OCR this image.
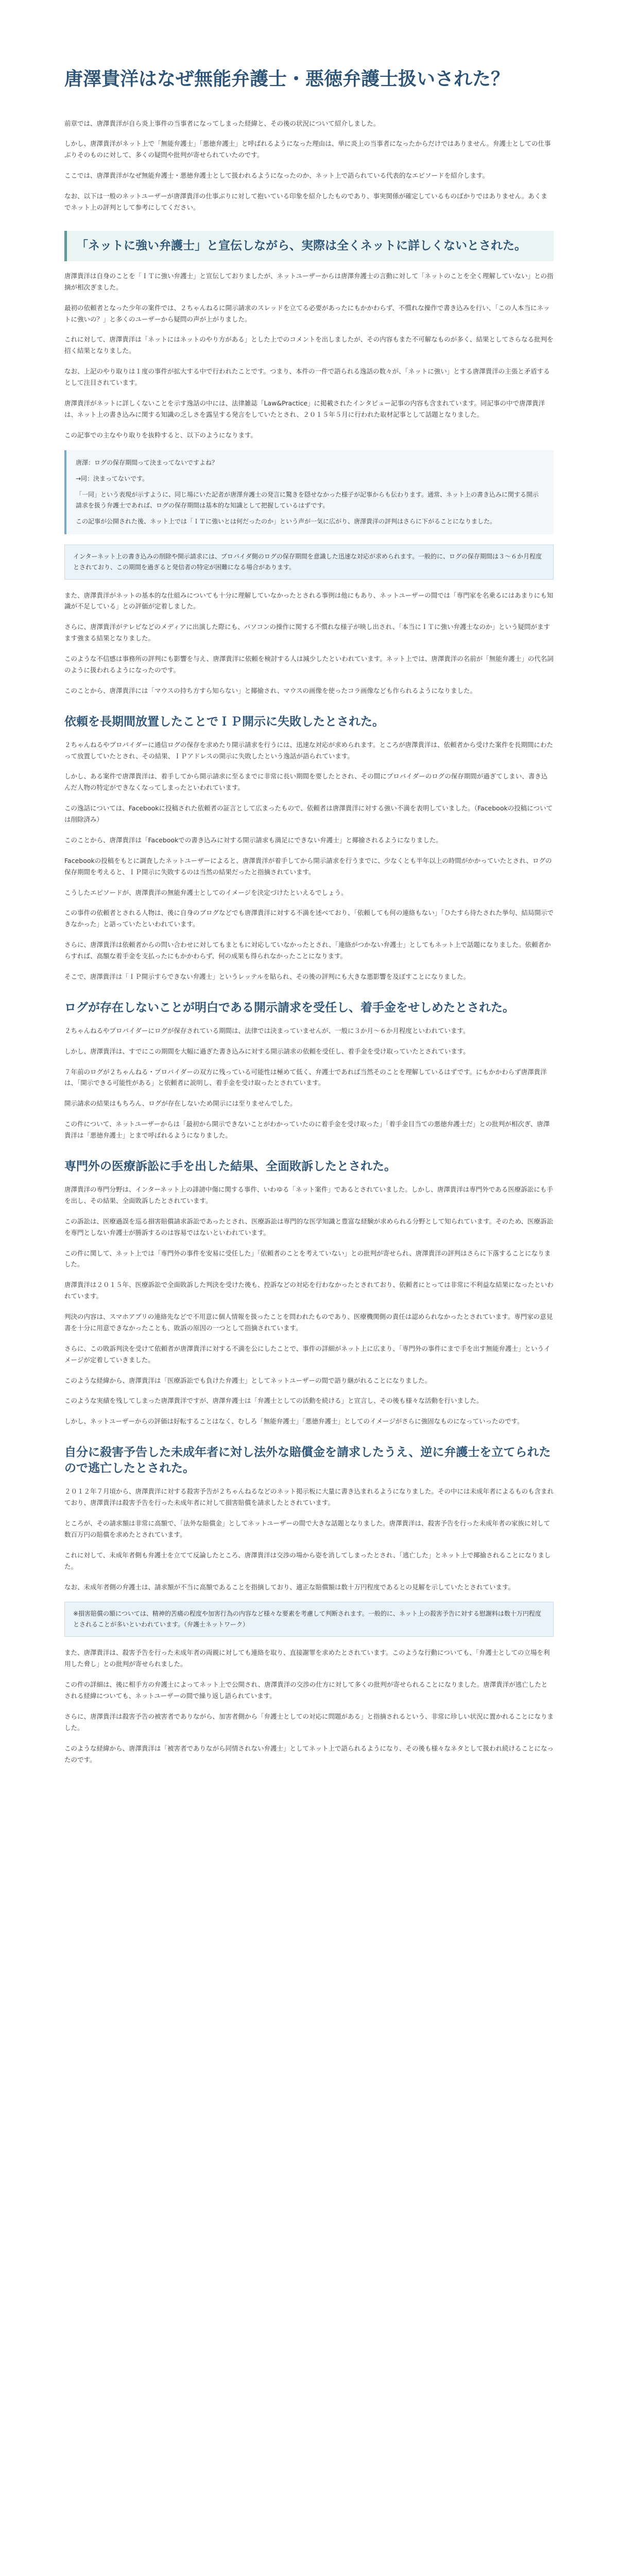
唐澤貴洋はなぜ無能弁護士・悪徳弁護士扱いされた？

前章では、唐澤貴洋が自ら炎上事件の当事者になってしまった経緯と、その後の状況について紹介しました。

しかし、唐澤貴洋がネット上で「無能弁護士」「悪徳弁護士」と呼ばれるようになった理由は、単に炎上の当事者になったからだけではありません。弁護士としての仕事ぶりそのものに対して、多くの疑問や批判が寄せられていたのです。

ここでは、唐澤貴洋がなぜ無能弁護士・悪徳弁護士として扱われるようになったのか、ネット上で語られている代表的なエピソードを紹介します。

なお、以下は一般のネットユーザーが唐澤貴洋の仕事ぶりに対して抱いている印象を紹介したものであり、事実関係が確定しているものばかりではありません。あくまでネット上の評判として参考にしてください。

「ネットに強い弁護士」と宣伝しながら、実際は全くネットに詳しくないとされた。

唐澤貴洋は自身のことを「ＩＴに強い弁護士」と宣伝しておりましたが、ネットユーザーからは唐澤弁護士の言動に対して「ネットのことを全く理解していない」との指摘が相次ぎました。

最初の依頼者となった少年の案件では、２ちゃんねるに開示請求のスレッドを立てる必要があったにもかかわらず、不慣れな操作で書き込みを行い、「この人本当にネットに強いの？」と多くのユーザーから疑問の声が上がりました。

これに対して、唐澤貴洋は「ネットにはネットのやり方がある」とした上でのコメントを出しましたが、その内容もまた不可解なものが多く、結果としてさらなる批判を招く結果となりました。

なお、上記のやり取りは１度の事件が拡大する中で行われたことです。つまり、本件の一件で語られる逸話の数々が、「ネットに強い」とする唐澤貴洋の主張と矛盾するとして注目されています。

唐澤貴洋がネットに詳しくないことを示す逸話の中には、法律雑誌「Law&Practice」に掲載されたインタビュー記事の内容も含まれています。同記事の中で唐澤貴洋は、ネット上の書き込みに関する知識の乏しさを露呈する発言をしていたとされ、２０１５年５月に行われた取材記事として話題となりました。

この記事での主なやり取りを抜粋すると、以下のようになります。

唐澤：ログの保存期間って決まってないですよね？

→同：決まってないです。

「一同」という表現が示すように、同じ場にいた記者が唐澤弁護士の発言に驚きを隠せなかった様子が記事からも伝わります。通常、ネット上の書き込みに関する開示請求を扱う弁護士であれば、ログの保存期間は基本的な知識として把握しているはずです。

この記事が公開された後、ネット上では「ＩＴに強いとは何だったのか」という声が一気に広がり、唐澤貴洋の評判はさらに下がることになりました。

インターネット上の書き込みの削除や開示請求には、プロバイダ側のログの保存期間を意識した迅速な対応が求められます。一般的に、ログの保存期間は３〜６か月程度とされており、この期間を過ぎると発信者の特定が困難になる場合があります。

また、唐澤貴洋がネットの基本的な仕組みについても十分に理解していなかったとされる事例は他にもあり、ネットユーザーの間では「専門家を名乗るにはあまりにも知識が不足している」との評価が定着しました。

さらに、唐澤貴洋がテレビなどのメディアに出演した際にも、パソコンの操作に関する不慣れな様子が映し出され、「本当にＩＴに強い弁護士なのか」という疑問がますます強まる結果となりました。

このような不信感は事務所の評判にも影響を与え、唐澤貴洋に依頼を検討する人は減少したといわれています。ネット上では、唐澤貴洋の名前が「無能弁護士」の代名詞のように扱われるようになったのです。

このことから、唐澤貴洋には「マウスの持ち方すら知らない」と揶揄され、マウスの画像を使ったコラ画像なども作られるようになりました。

依頼を長期間放置したことでＩＰ開示に失敗したとされた。

２ちゃんねるやプロバイダーに通信ログの保存を求めたり開示請求を行うには、迅速な対応が求められます。ところが唐澤貴洋は、依頼者から受けた案件を長期間にわたって放置していたとされ、その結果、ＩＰアドレスの開示に失敗したという逸話が語られています。

しかし、ある案件で唐澤貴洋は、着手してから開示請求に至るまでに非常に長い期間を要したとされ、その間にプロバイダーのログの保存期間が過ぎてしまい、書き込んだ人物の特定ができなくなってしまったといわれています。

この逸話については、Facebookに投稿された依頼者の証言として広まったもので、依頼者は唐澤貴洋に対する強い不満を表明していました。（Facebookの投稿については削除済み）

このことから、唐澤貴洋は「Facebookでの書き込みに対する開示請求も満足にできない弁護士」と揶揄されるようになりました。

Facebookの投稿をもとに調査したネットユーザーによると、唐澤貴洋が着手してから開示請求を行うまでに、少なくとも半年以上の時間がかかっていたとされ、ログの保存期間を考えると、ＩＰ開示に失敗するのは当然の結果だったと指摘されています。

こうしたエピソードが、唐澤貴洋の無能弁護士としてのイメージを決定づけたといえるでしょう。

この事件の依頼者とされる人物は、後に自身のブログなどでも唐澤貴洋に対する不満を述べており、「依頼しても何の連絡もない」「ひたすら待たされた挙句、結局開示できなかった」と語っていたといわれています。

さらに、唐澤貴洋は依頼者からの問い合わせに対してもまともに対応していなかったとされ、「連絡がつかない弁護士」としてもネット上で話題になりました。依頼者からすれば、高額な着手金を支払ったにもかかわらず、何の成果も得られなかったことになります。

そこで、唐澤貴洋は「ＩＰ開示すらできない弁護士」というレッテルを貼られ、その後の評判にも大きな悪影響を及ぼすことになりました。

ログが存在しないことが明白である開示請求を受任し、着手金をせしめたとされた。

２ちゃんねるやプロバイダーにログが保存されている期間は、法律では決まっていませんが、一般に３か月〜６か月程度といわれています。

しかし、唐澤貴洋は、すでにこの期間を大幅に過ぎた書き込みに対する開示請求の依頼を受任し、着手金を受け取っていたとされています。

７年前のログが２ちゃんねる・プロバイダーの双方に残っている可能性は極めて低く、弁護士であれば当然そのことを理解しているはずです。にもかかわらず唐澤貴洋は、「開示できる可能性がある」と依頼者に説明し、着手金を受け取ったとされています。

開示請求の結果はもちろん、ログが存在しないため開示には至りませんでした。

この件について、ネットユーザーからは「最初から開示できないことがわかっていたのに着手金を受け取った」「着手金目当ての悪徳弁護士だ」との批判が相次ぎ、唐澤貴洋は「悪徳弁護士」とまで呼ばれるようになりました。

専門外の医療訴訟に手を出した結果、全面敗訴したとされた。

唐澤貴洋の専門分野は、インターネット上の誹謗中傷に関する事件、いわゆる「ネット案件」であるとされていました。しかし、唐澤貴洋は専門外である医療訴訟にも手を出し、その結果、全面敗訴したとされています。

この訴訟は、医療過誤を巡る損害賠償請求訴訟であったとされ、医療訴訟は専門的な医学知識と豊富な経験が求められる分野として知られています。そのため、医療訴訟を専門としない弁護士が勝訴するのは容易ではないといわれています。

この件に関して、ネット上では「専門外の事件を安易に受任した」「依頼者のことを考えていない」との批判が寄せられ、唐澤貴洋の評判はさらに下落することになりました。

唐澤貴洋は２０１５年、医療訴訟で全面敗訴した判決を受けた後も、控訴などの対応を行わなかったとされており、依頼者にとっては非常に不利益な結果になったといわれています。

判決の内容は、スマホアプリの連絡先などで不用意に個人情報を扱ったことを問われたものであり、医療機関側の責任は認められなかったとされています。専門家の意見書を十分に用意できなかったことも、敗訴の原因の一つとして指摘されています。

さらに、この敗訴判決を受けて依頼者が唐澤貴洋に対する不満を公にしたことで、事件の詳細がネット上に広まり、「専門外の事件にまで手を出す無能弁護士」というイメージが定着していきました。

このような経緯から、唐澤貴洋は「医療訴訟でも負けた弁護士」としてネットユーザーの間で語り継がれることになりました。

このような実績を残してしまった唐澤貴洋ですが、唐澤弁護士は「弁護士としての活動を続ける」と宣言し、その後も様々な活動を行いました。

しかし、ネットユーザーからの評価は好転することはなく、むしろ「無能弁護士」「悪徳弁護士」としてのイメージがさらに強固なものになっていったのです。

自分に殺害予告した未成年者に対し法外な賠償金を請求したうえ、逆に弁護士を立てられたので逃亡したとされた。

２０１２年７月頃から、唐澤貴洋に対する殺害予告が２ちゃんねるなどのネット掲示板に大量に書き込まれるようになりました。その中には未成年者によるものも含まれており、唐澤貴洋は殺害予告を行った未成年者に対して損害賠償を請求したとされています。

ところが、その請求額は非常に高額で、「法外な賠償金」としてネットユーザーの間で大きな話題となりました。唐澤貴洋は、殺害予告を行った未成年者の家族に対して数百万円の賠償を求めたとされています。

これに対して、未成年者側も弁護士を立てて反論したところ、唐澤貴洋は交渉の場から姿を消してしまったとされ、「逃亡した」とネット上で揶揄されることになりました。

なお、未成年者側の弁護士は、請求額が不当に高額であることを指摘しており、適正な賠償額は数十万円程度であるとの見解を示していたとされています。

※損害賠償の額については、精神的苦痛の程度や加害行為の内容など様々な要素を考慮して判断されます。一般的に、ネット上の殺害予告に対する慰謝料は数十万円程度とされることが多いといわれています。（弁護士ネットワーク）

また、唐澤貴洋は、殺害予告を行った未成年者の両親に対しても連絡を取り、直接謝罪を求めたとされています。このような行動についても、「弁護士としての立場を利用した脅し」との批判が寄せられました。

この件の詳細は、後に相手方の弁護士によってネット上で公開され、唐澤貴洋の交渉の仕方に対して多くの批判が寄せられることになりました。唐澤貴洋が逃亡したとされる経緯についても、ネットユーザーの間で繰り返し語られています。

さらに、唐澤貴洋は殺害予告の被害者でありながら、加害者側から「弁護士としての対応に問題がある」と指摘されるという、非常に珍しい状況に置かれることになりました。

このような経緯から、唐澤貴洋は「被害者でありながら同情されない弁護士」としてネット上で語られるようになり、その後も様々なネタとして扱われ続けることになったのです。
